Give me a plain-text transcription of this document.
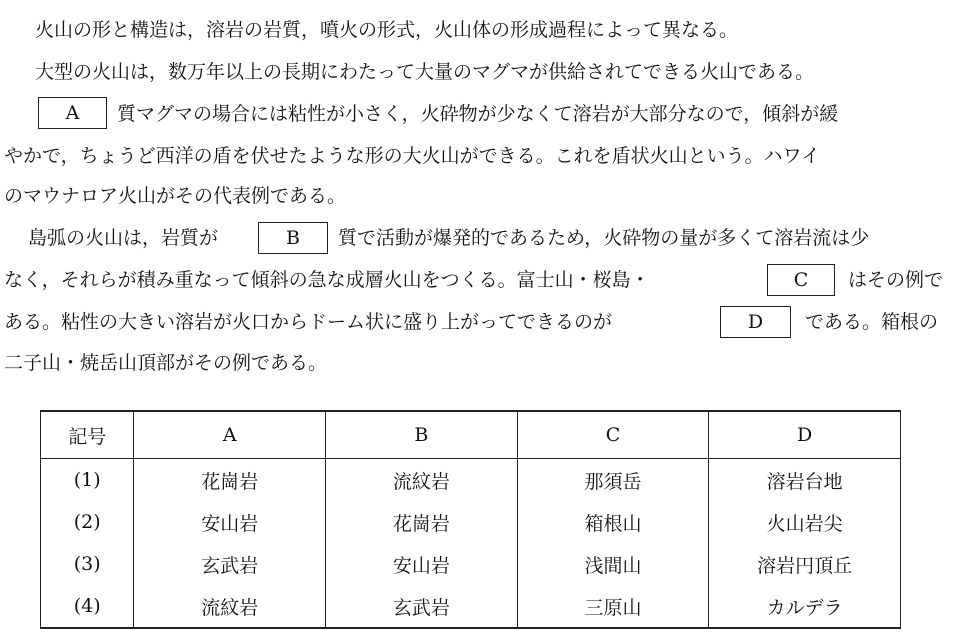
火山の形と構造は，溶岩の岩質，噴火の形式，火山体の形成過程によって異なる。
大型の火山は，数万年以上の長期にわたって大量のマグマが供給されてできる火山である。
A	質マグマの場合には粘性が小さく，火砕物が少なくて溶岩が大部分なので，傾斜が緩
やかで，ちょうど西洋の盾を伏せたような形の大火山ができる。これを盾状火山という。ハワイ
のマウナロア火山がその代表例である。
島弧の火山は，岩質が	B	質で活動が爆発的であるため，火砕物の量が多くて溶岩流は少
なく，それらが積み重なって傾斜の急な成層火山をつくる。富士山・桜島・	C	はその例で
ある。粘性の大きい溶岩が火口からドーム状に盛り上がってできるのが	D	である。箱根の
二子山・焼岳山頂部がその例である。
記号	A	B	C	D
(1)	花崗岩	流紋岩	那須岳	溶岩台地
(2)	安山岩	花崗岩	箱根山	火山岩尖
(3)	玄武岩	安山岩	浅間山	溶岩円頂丘
(4)	流紋岩	玄武岩	三原山	カルデラ
